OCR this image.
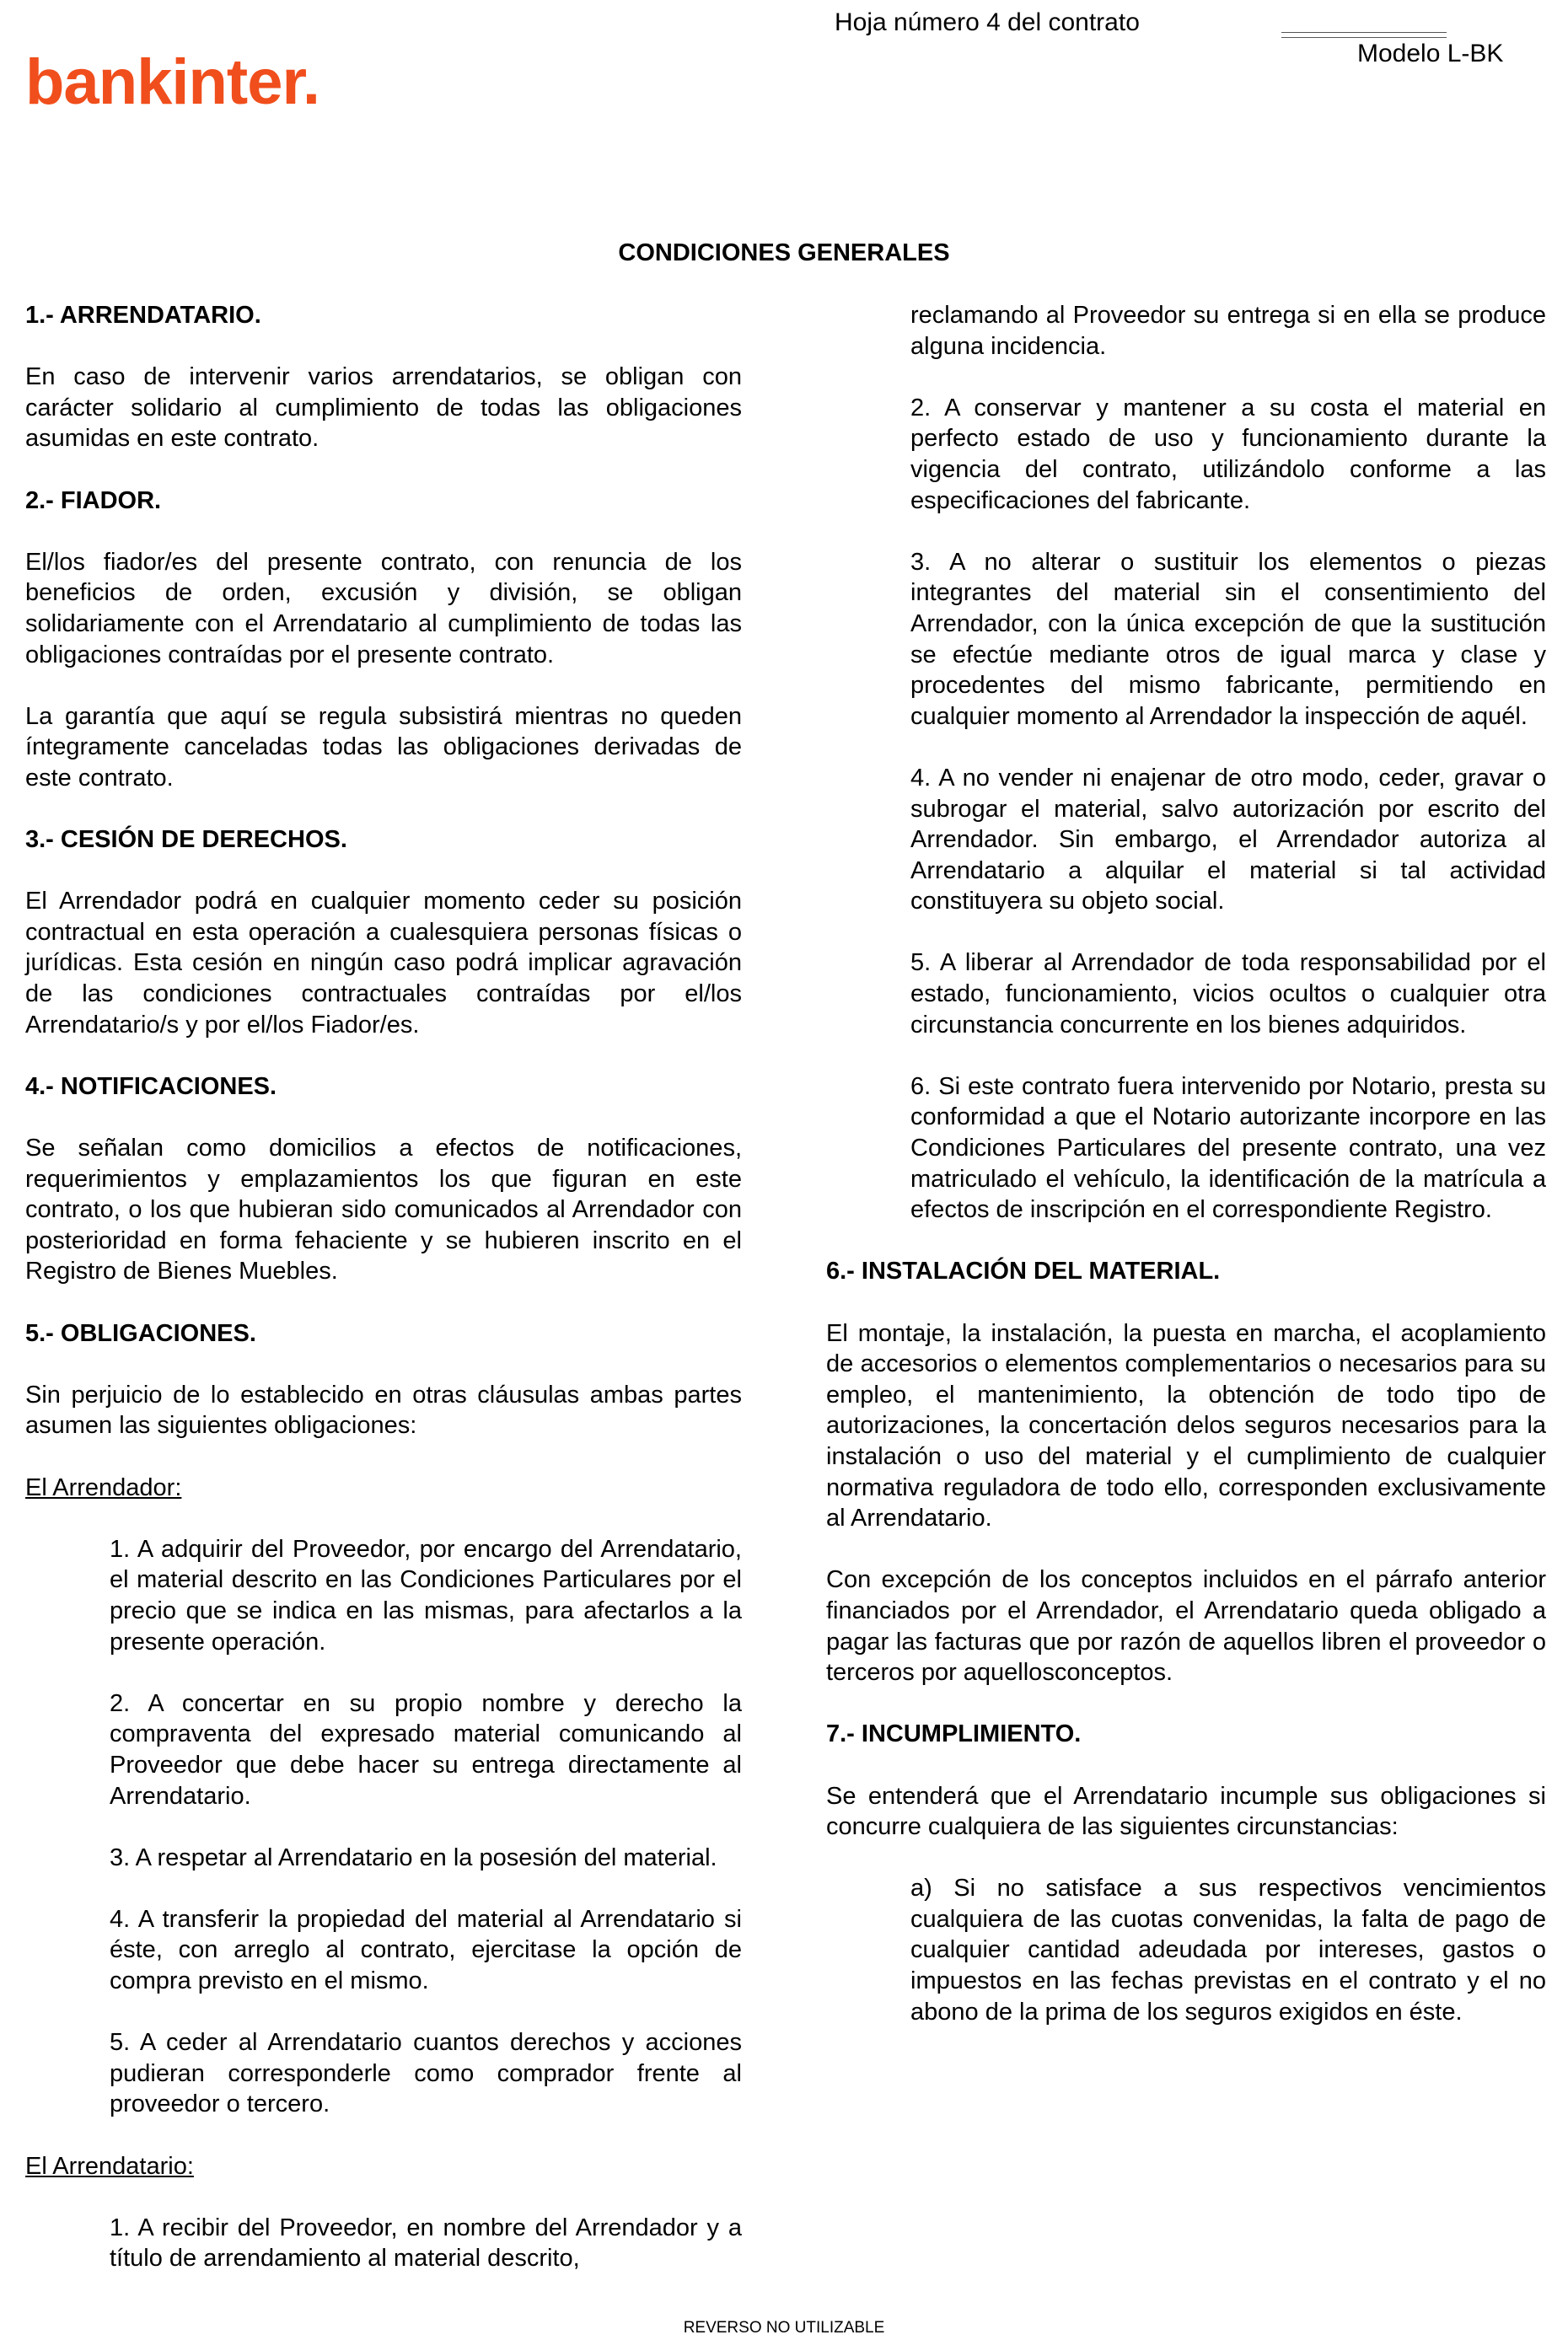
bankinter.
Hoja número 4 del contrato
Modelo L-BK
CONDICIONES GENERALES
1.- ARRENDATARIO.

En caso de intervenir varios arrendatarios, se obligan con carácter solidario al cumplimiento de todas las obligaciones asumidas en este contrato.

2.- FIADOR.

El/los fiador/es del presente contrato, con renuncia de los beneficios de orden, excusión y división, se obligan solidariamente con el Arrendatario al cumplimiento de todas las obligaciones contraídas por el presente contrato.

La garantía que aquí se regula subsistirá mientras no queden íntegramente canceladas todas las obligaciones derivadas de este contrato.

3.- CESIÓN DE DERECHOS.

El Arrendador podrá en cualquier momento ceder su posición contractual en esta operación a cualesquiera personas físicas o jurídicas. Esta cesión en ningún caso podrá implicar agravación de las condiciones contractuales contraídas por el/los Arrendatario/s y por el/los Fiador/es.

4.- NOTIFICACIONES.

Se señalan como domicilios a efectos de notificaciones, requerimientos y emplazamientos los que figuran en este contrato, o los que hubieran sido comunicados al Arrendador con posterioridad en forma fehaciente y se hubieren inscrito en el Registro de Bienes Muebles.

5.- OBLIGACIONES.

Sin perjuicio de lo establecido en otras cláusulas ambas partes asumen las siguientes obligaciones:

El Arrendador:

1. A adquirir del Proveedor, por encargo del Arrendatario, el material descrito en las Condiciones Particulares por el precio que se indica en las mismas, para afectarlos a la presente operación.

2. A concertar en su propio nombre y derecho la compraventa del expresado material comunicando al Proveedor que debe hacer su entrega directamente al Arrendatario.

3. A respetar al Arrendatario en la posesión del material.

4. A transferir la propiedad del material al Arrendatario si éste, con arreglo al contrato, ejercitase la opción de compra previsto en el mismo.

5. A ceder al Arrendatario cuantos derechos y acciones pudieran corresponderle como comprador frente al proveedor o tercero.

El Arrendatario:

1. A recibir del Proveedor, en nombre del Arrendador y a título de arrendamiento al material descrito,

reclamando al Proveedor su entrega si en ella se produce alguna incidencia.

2. A conservar y mantener a su costa el material en perfecto estado de uso y funcionamiento durante la vigencia del contrato, utilizándolo conforme a las especificaciones del fabricante.

3. A no alterar o sustituir los elementos o piezas integrantes del material sin el consentimiento del Arrendador, con la única excepción de que la sustitución se efectúe mediante otros de igual marca y clase y procedentes del mismo fabricante, permitiendo en cualquier momento al Arrendador la inspección de aquél.

4. A no vender ni enajenar de otro modo, ceder, gravar o subrogar el material, salvo autorización por escrito del Arrendador. Sin embargo, el Arrendador autoriza al Arrendatario a alquilar el material si tal actividad constituyera su objeto social.

5. A liberar al Arrendador de toda responsabilidad por el estado, funcionamiento, vicios ocultos o cualquier otra circunstancia concurrente en los bienes adquiridos.

6. Si este contrato fuera intervenido por Notario, presta su conformidad a que el Notario autorizante incorpore en las Condiciones Particulares del presente contrato, una vez matriculado el vehículo, la identificación de la matrícula a efectos de inscripción en el correspondiente Registro.

6.- INSTALACIÓN DEL MATERIAL.

El montaje, la instalación, la puesta en marcha, el acoplamiento de accesorios o elementos complementarios o necesarios para su empleo, el mantenimiento, la obtención de todo tipo de autorizaciones, la concertación delos seguros necesarios para la instalación o uso del material y el cumplimiento de cualquier normativa reguladora de todo ello, corresponden exclusivamente al Arrendatario.

Con excepción de los conceptos incluidos en el párrafo anterior financiados por el Arrendador, el Arrendatario queda obligado a pagar las facturas que por razón de aquellos libren el proveedor o terceros por aquellosconceptos.

7.- INCUMPLIMIENTO.

Se entenderá que el Arrendatario incumple sus obligaciones si concurre cualquiera de las siguientes circunstancias:

a) Si no satisface a sus respectivos vencimientos cualquiera de las cuotas convenidas, la falta de pago de cualquier cantidad adeudada por intereses, gastos o impuestos en las fechas previstas en el contrato y el no abono de la prima de los seguros exigidos en éste.

REVERSO NO UTILIZABLE
